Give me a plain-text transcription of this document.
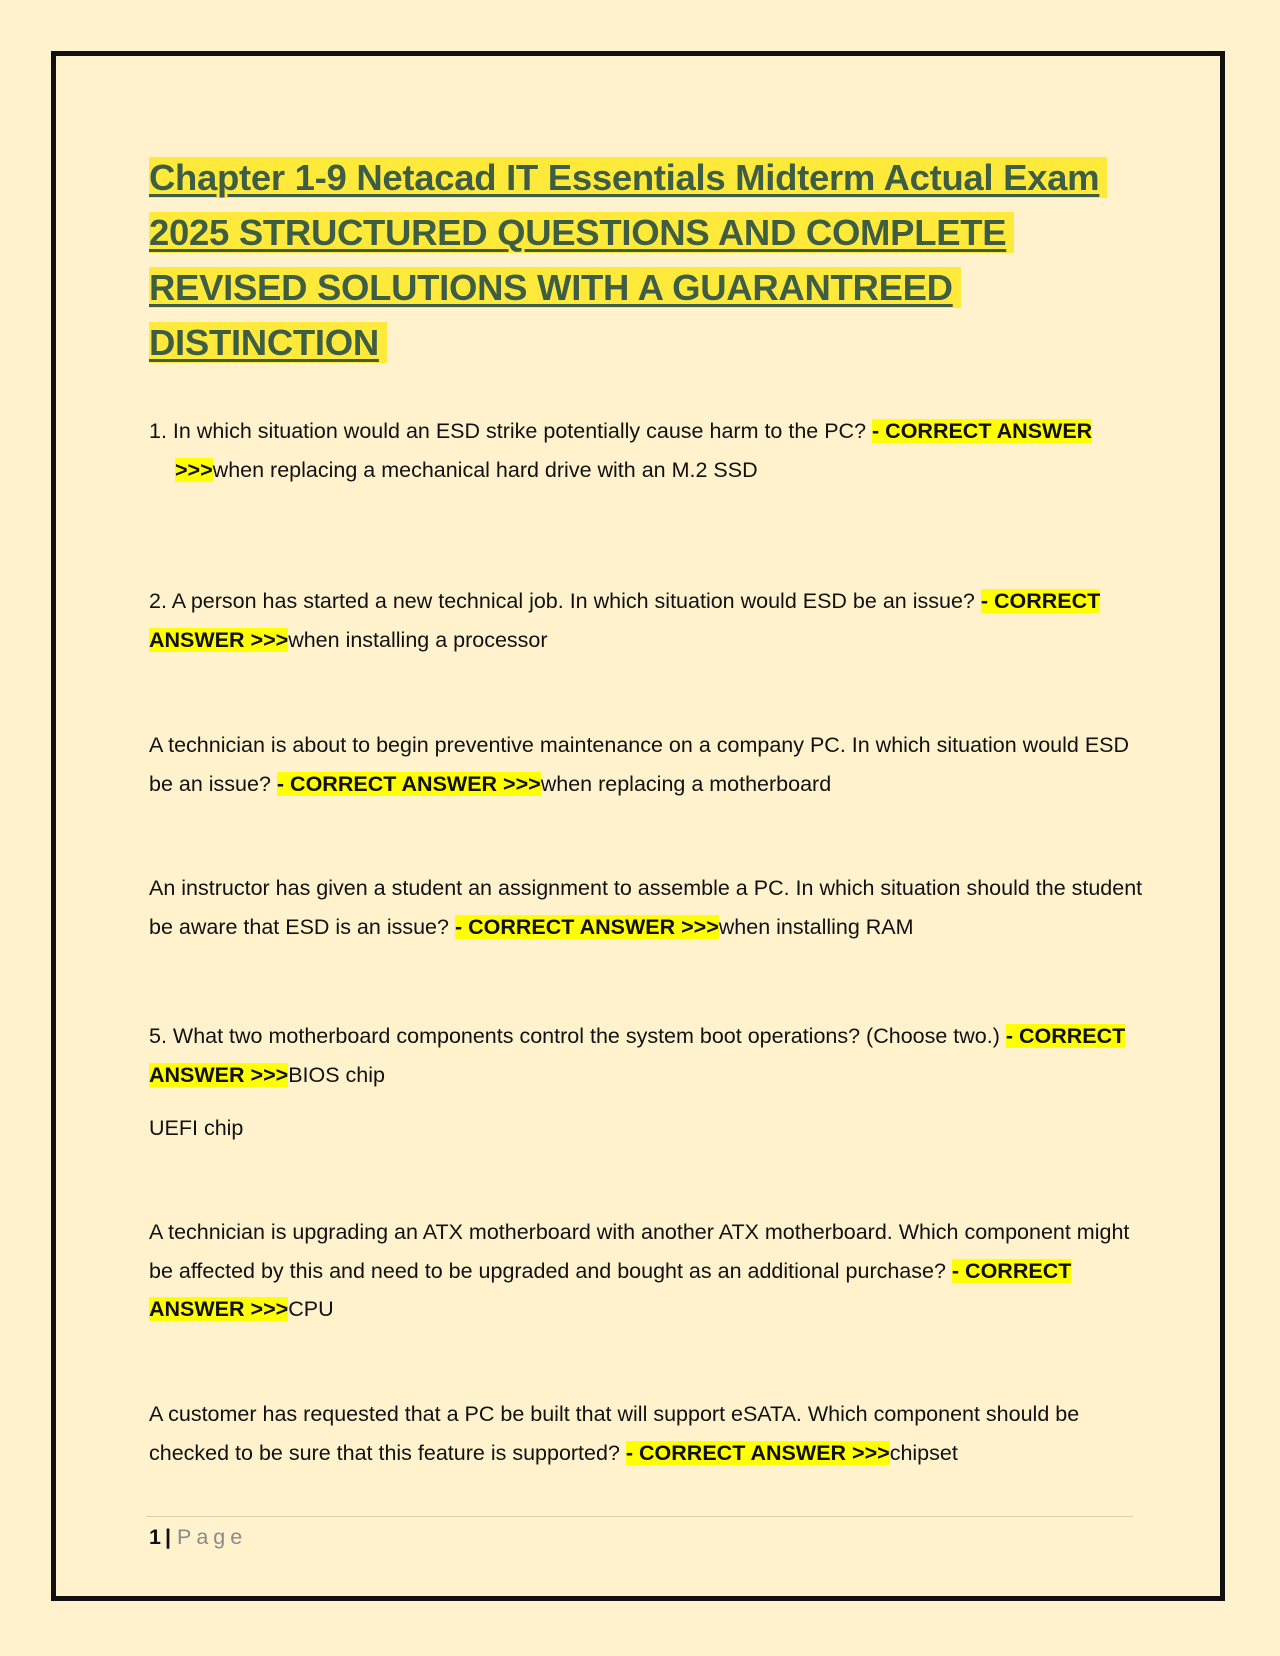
Chapter 1-9 Netacad IT Essentials Midterm Actual Exam 2025 STRUCTURED QUESTIONS AND COMPLETE REVISED SOLUTIONS WITH A GUARANTREED DISTINCTION

1. In which situation would an ESD strike potentially cause harm to the PC? - CORRECT ANSWER >>>when replacing a mechanical hard drive with an M.2 SSD

2. A person has started a new technical job. In which situation would ESD be an issue? - CORRECT ANSWER >>>when installing a processor

A technician is about to begin preventive maintenance on a company PC. In which situation would ESD be an issue? - CORRECT ANSWER >>>when replacing a motherboard

An instructor has given a student an assignment to assemble a PC. In which situation should the student be aware that ESD is an issue? - CORRECT ANSWER >>>when installing RAM

5. What two motherboard components control the system boot operations? (Choose two.) - CORRECT ANSWER >>>BIOS chip

UEFI chip

A technician is upgrading an ATX motherboard with another ATX motherboard. Which component might be affected by this and need to be upgraded and bought as an additional purchase? - CORRECT ANSWER >>>CPU

A customer has requested that a PC be built that will support eSATA. Which component should be checked to be sure that this feature is supported? - CORRECT ANSWER >>>chipset

1 | Page
